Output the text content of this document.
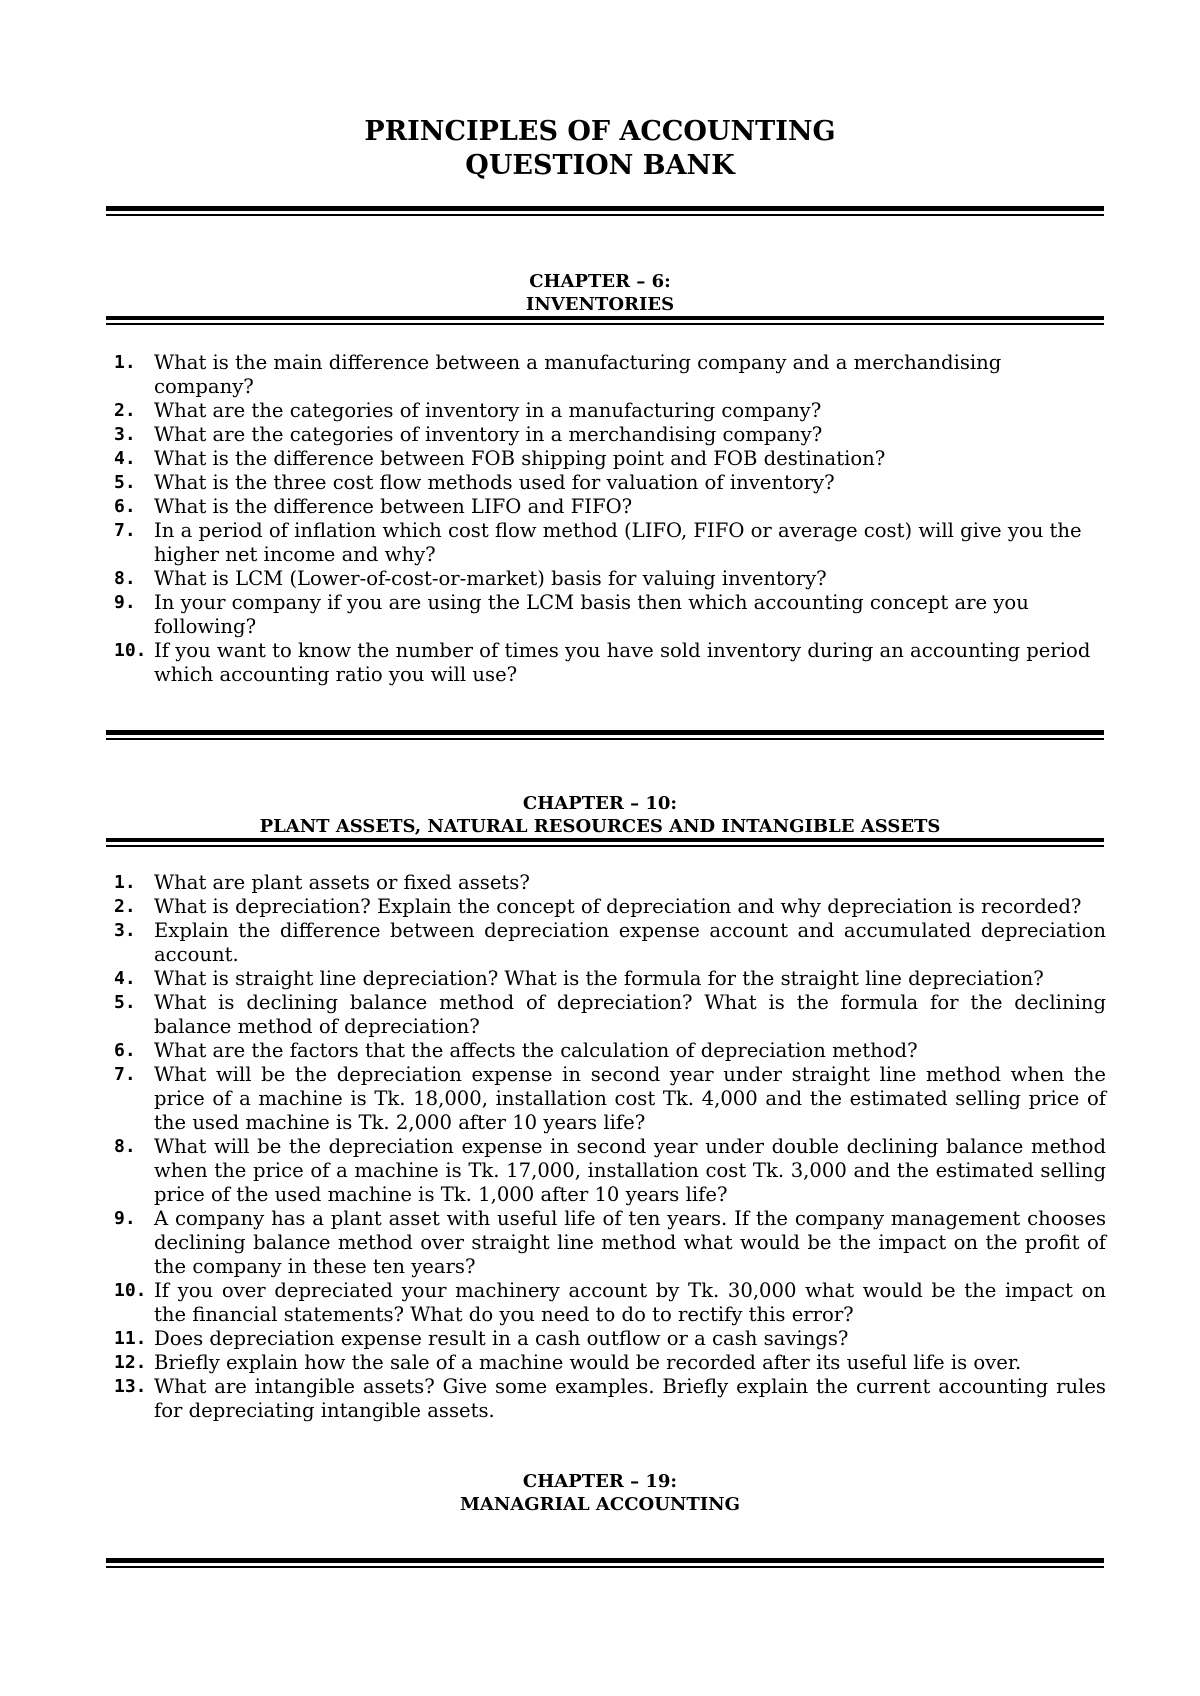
PRINCIPLES OF ACCOUNTING
QUESTION BANK
CHAPTER – 6:
INVENTORIES
1. What is the main difference between a manufacturing company and a merchandising company?
2. What are the categories of inventory in a manufacturing company?
3. What are the categories of inventory in a merchandising company?
4. What is the difference between FOB shipping point and FOB destination?
5. What is the three cost flow methods used for valuation of inventory?
6. What is the difference between LIFO and FIFO?
7. In a period of inflation which cost flow method (LIFO, FIFO or average cost) will give you the higher net income and why?
8. What is LCM (Lower-of-cost-or-market) basis for valuing inventory?
9. In your company if you are using the LCM basis then which accounting concept are you following?
10. If you want to know the number of times you have sold inventory during an accounting period which accounting ratio you will use?
CHAPTER – 10:
PLANT ASSETS, NATURAL RESOURCES AND INTANGIBLE ASSETS
1. What are plant assets or fixed assets?
2. What is depreciation? Explain the concept of depreciation and why depreciation is recorded?
3. Explain the difference between depreciation expense account and accumulated depreciation account.
4. What is straight line depreciation? What is the formula for the straight line depreciation?
5. What is declining balance method of depreciation? What is the formula for the declining balance method of depreciation?
6. What are the factors that the affects the calculation of depreciation method?
7. What will be the depreciation expense in second year under straight line method when the price of a machine is Tk. 18,000, installation cost Tk. 4,000 and the estimated selling price of the used machine is Tk. 2,000 after 10 years life?
8. What will be the depreciation expense in second year under double declining balance method when the price of a machine is Tk. 17,000, installation cost Tk. 3,000 and the estimated selling price of the used machine is Tk. 1,000 after 10 years life?
9. A company has a plant asset with useful life of ten years. If the company management chooses declining balance method over straight line method what would be the impact on the profit of the company in these ten years?
10. If you over depreciated your machinery account by Tk. 30,000 what would be the impact on the financial statements? What do you need to do to rectify this error?
11. Does depreciation expense result in a cash outflow or a cash savings?
12. Briefly explain how the sale of a machine would be recorded after its useful life is over.
13. What are intangible assets? Give some examples. Briefly explain the current accounting rules for depreciating intangible assets.
CHAPTER – 19:
MANAGRIAL ACCOUNTING
